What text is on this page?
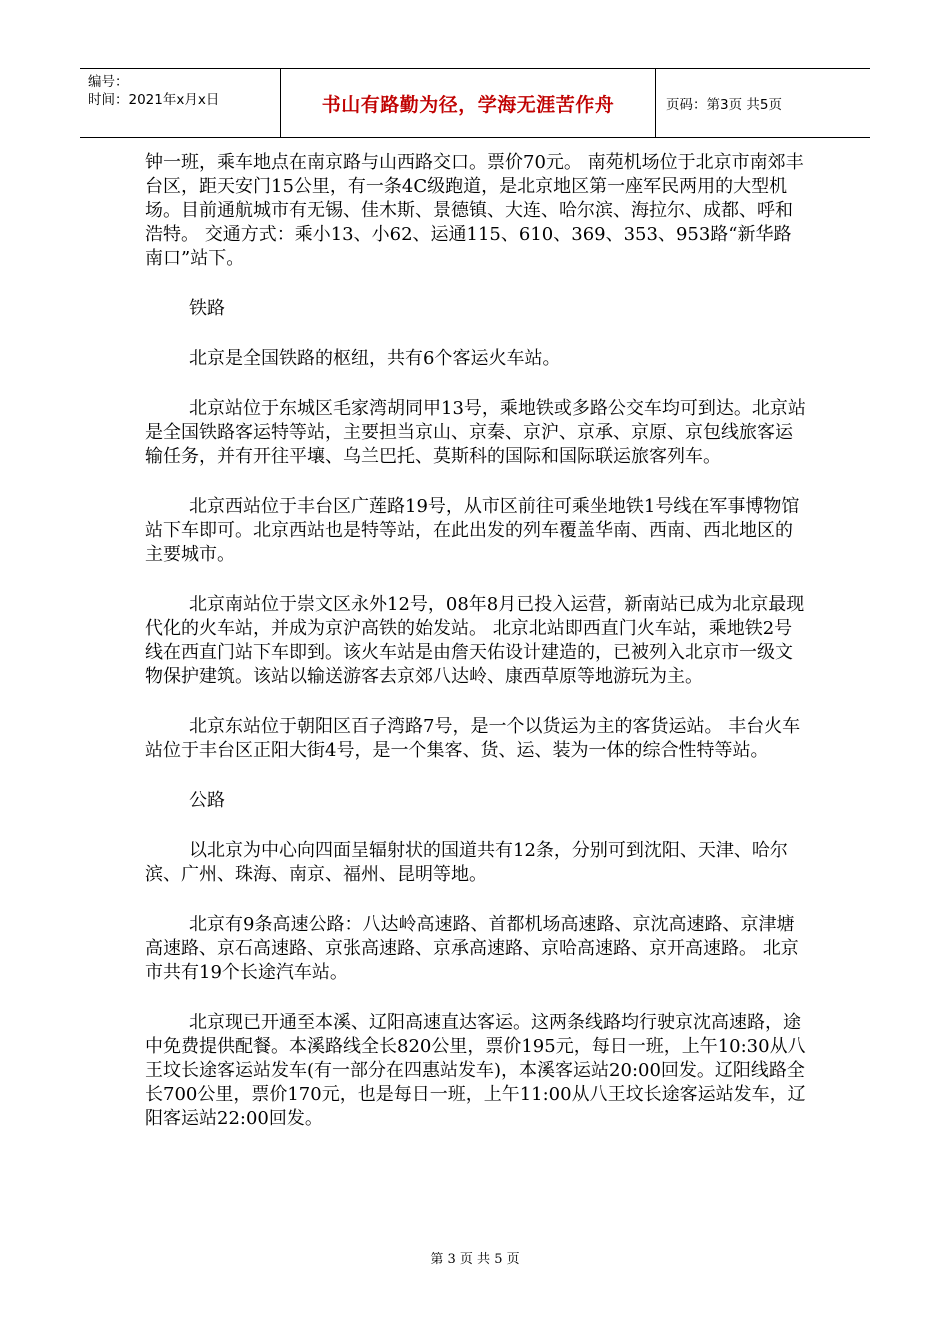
编号：
时间：2021年x月x日	书山有路勤为径，学海无涯苦作舟	页码：第3页 共5页

钟一班，乘车地点在南京路与山西路交口。票价70元。 南苑机场位于北京市南郊丰台区，距天安门15公里，有一条4C级跑道，是北京地区第一座军民两用的大型机场。目前通航城市有无锡、佳木斯、景德镇、大连、哈尔滨、海拉尔、成都、呼和浩特。 交通方式：乘小13、小62、运通115、610、369、353、953路“新华路南口”站下。

铁路

北京是全国铁路的枢纽，共有6个客运火车站。

北京站位于东城区毛家湾胡同甲13号，乘地铁或多路公交车均可到达。北京站是全国铁路客运特等站，主要担当京山、京秦、京沪、京承、京原、京包线旅客运输任务，并有开往平壤、乌兰巴托、莫斯科的国际和国际联运旅客列车。

北京西站位于丰台区广莲路19号，从市区前往可乘坐地铁1号线在军事博物馆站下车即可。北京西站也是特等站，在此出发的列车覆盖华南、西南、西北地区的主要城市。

北京南站位于崇文区永外12号，08年8月已投入运营，新南站已成为北京最现代化的火车站，并成为京沪高铁的始发站。 北京北站即西直门火车站，乘地铁2号线在西直门站下车即到。该火车站是由詹天佑设计建造的，已被列入北京市一级文物保护建筑。该站以输送游客去京郊八达岭、康西草原等地游玩为主。

北京东站位于朝阳区百子湾路7号，是一个以货运为主的客货运站。 丰台火车站位于丰台区正阳大街4号，是一个集客、货、运、装为一体的综合性特等站。

公路

以北京为中心向四面呈辐射状的国道共有12条，分别可到沈阳、天津、哈尔滨、广州、珠海、南京、福州、昆明等地。

北京有9条高速公路：八达岭高速路、首都机场高速路、京沈高速路、京津塘高速路、京石高速路、京张高速路、京承高速路、京哈高速路、京开高速路。 北京市共有19个长途汽车站。

北京现已开通至本溪、辽阳高速直达客运。这两条线路均行驶京沈高速路，途中免费提供配餐。本溪路线全长820公里，票价195元，每日一班，上午10:30从八王坟长途客运站发车(有一部分在四惠站发车)，本溪客运站20:00回发。辽阳线路全长700公里，票价170元，也是每日一班，上午11:00从八王坟长途客运站发车，辽阳客运站22:00回发。

第 3 页 共 5 页
